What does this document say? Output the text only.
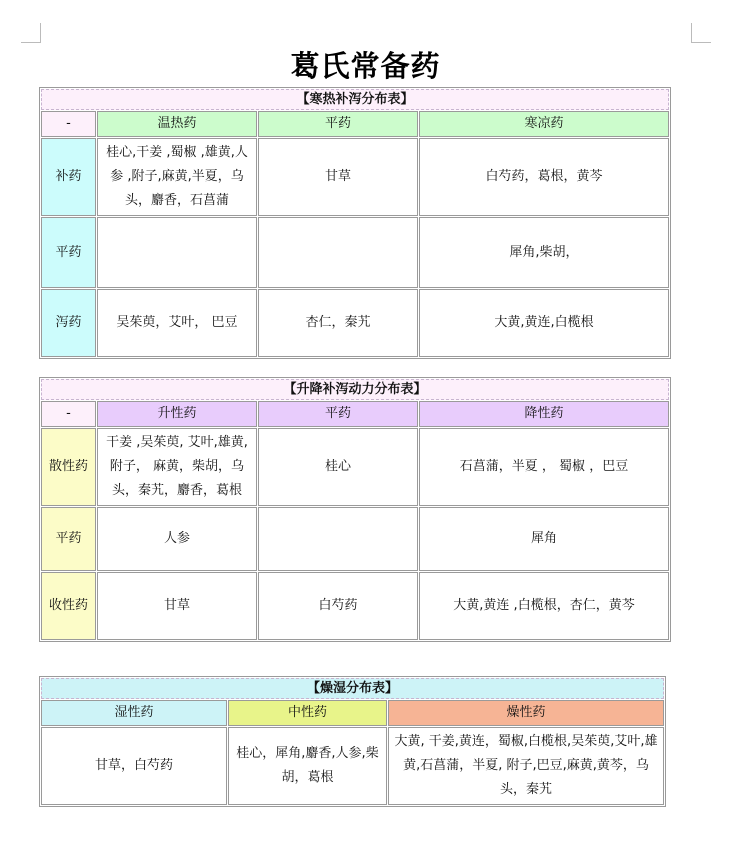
葛氏常备药
【寒热补泻分布表】			
-	温热药	平药	寒凉药
补药	桂心,干姜 ,蜀椒 ,雄黄,人参 ,附子,麻黄,半夏，乌头，麝香，石菖蒲	甘草	白芍药，葛根，黄芩
平药			犀角,柴胡，
泻药	吴茱萸，艾叶， 巴豆	杏仁，秦艽	大黄,黄连,白榄根
【升降补泻动力分布表】			
-	升性药	平药	降性药
散性药	干姜 ,吴茱萸, 艾叶,雄黄,附子， 麻黄，柴胡，乌头，秦艽，麝香，葛根	桂心	石菖蒲，半夏 ， 蜀椒 ，巴豆
平药	人参		犀角
收性药	甘草	白芍药	大黄,黄连 ,白榄根，杏仁，黄芩
【燥湿分布表】		
湿性药	中性药	燥性药
甘草，白芍药	桂心，犀角,麝香,人参,柴胡，葛根	大黄, 干姜,黄连，蜀椒,白榄根,吴茱萸,艾叶,雄黄,石菖蒲，半夏, 附子,巴豆,麻黄,黄芩，乌头，秦艽
